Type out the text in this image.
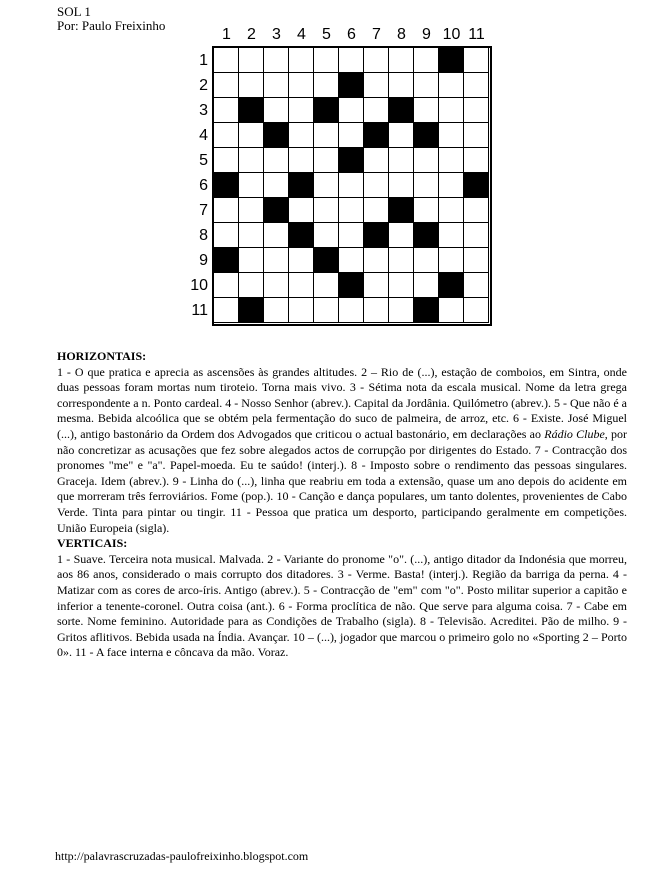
SOL 1
Por: Paulo Freixinho
1	2	3	4	5	6	7	8	9 10 11
1
2
3
4
5
6
7
8
9
10
11

HORIZONTAIS:

1 - O que pratica e aprecia as ascensões às grandes altitudes. 2 – Rio de (...), estação de comboios, em Sintra, onde duas pessoas foram mortas num tiroteio. Torna mais vivo. 3 - Sétima nota da escala musical. Nome da letra grega correspondente a n. Ponto cardeal. 4 - Nosso Senhor (abrev.). Capital da Jordânia. Quilómetro (abrev.). 5 - Que não é a mesma. Bebida alcoólica que se obtém pela fermentação do suco de palmeira, de arroz, etc. 6 - Existe. José Miguel (...), antigo bastonário da Ordem dos Advogados que criticou o actual bastonário, em declarações ao Rádio Clube, por não concretizar as acusações que fez sobre alegados actos de corrupção por dirigentes do Estado. 7 - Contracção dos pronomes "me" e "a". Papel-moeda. Eu te saúdo! (interj.). 8 - Imposto sobre o rendimento das pessoas singulares. Graceja. Idem (abrev.). 9 - Linha do (...), linha que reabriu em toda a extensão, quase um ano depois do acidente em que morreram três ferroviários. Fome (pop.). 10 - Canção e dança populares, um tanto dolentes, provenientes de Cabo Verde. Tinta para pintar ou tingir. 11 - Pessoa que pratica um desporto, participando geralmente em competições. União Europeia (sigla).

VERTICAIS:

1 - Suave. Terceira nota musical. Malvada. 2 - Variante do pronome "o". (...), antigo ditador da Indonésia que morreu, aos 86 anos, considerado o mais corrupto dos ditadores. 3 - Verme. Basta! (interj.). Região da barriga da perna. 4 - Matizar com as cores de arco-íris. Antigo (abrev.). 5 - Contracção de "em" com "o". Posto militar superior a capitão e inferior a tenente-coronel. Outra coisa (ant.). 6 - Forma proclítica de não. Que serve para alguma coisa. 7 - Cabe em sorte. Nome feminino. Autoridade para as Condições de Trabalho (sigla). 8 - Televisão. Acreditei. Pão de milho. 9 - Gritos aflitivos. Bebida usada na Índia. Avançar. 10 – (...), jogador que marcou o primeiro golo no «Sporting 2 – Porto 0». 11 - A face interna e côncava da mão. Voraz.

http://palavrascruzadas-paulofreixinho.blogspot.com
